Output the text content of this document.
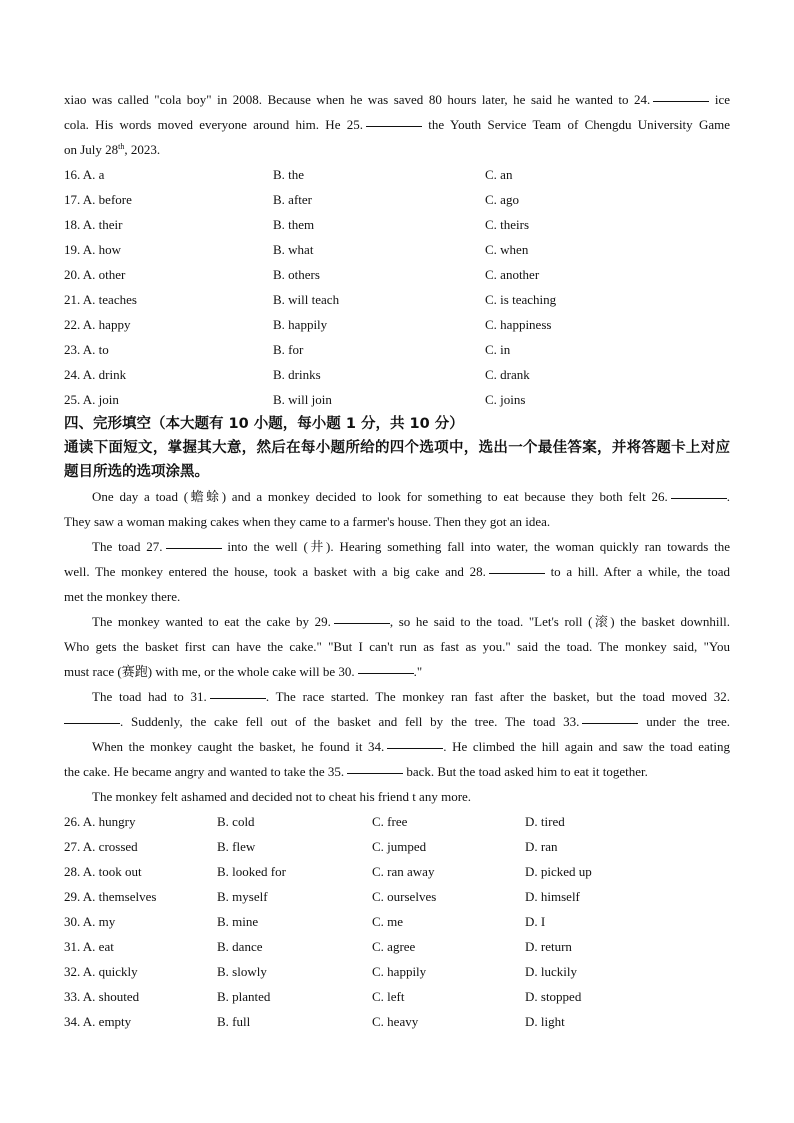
xiao was called "cola boy" in 2008. Because when he was saved 80 hours later, he said he wanted to 24.	ice
cola. His words moved everyone around him. He 25.	the Youth Service Team of Chengdu University Game
on July 28th, 2023.
16. A. a	B. the	C. an
17. A. before	B. after	C. ago
18. A. their	B. them	C. theirs
19. A. how	B. what	C. when
20. A. other	B. others	C. another
21. A. teaches	B. will teach	C. is teaching
22. A. happy	B. happily	C. happiness
23. A. to	B. for	C. in
24. A. drink	B. drinks	C. drank
25. A. join	B. will join	C. joins
四、完形填空（本大题有 10 小题，每小题 1 分，共 10 分）
通读下面短文，掌握其大意，然后在每小题所给的四个选项中，选出一个最佳答案，并将答题卡上对应题目所选的选项涂黑。
One day a toad (蟾蜍) and a monkey decided to look for something to eat because they both felt 26.	.
They saw a woman making cakes when they came to a farmer's house. Then they got an idea.
The toad 27.	into the well (井). Hearing something fall into water, the woman quickly ran towards the
well. The monkey entered the house, took a basket with a big cake and 28.	to a hill. After a while, the toad
met the monkey there.
The monkey wanted to eat the cake by 29.	, so he said to the toad. "Let's roll (滚) the basket downhill.
Who gets the basket first can have the cake." "But I can't run as fast as you." said the toad. The monkey said, "You
must race (赛跑) with me, or the whole cake will be 30.	."
The toad had to 31.	. The race started. The monkey ran fast after the basket, but the toad moved 32.
. Suddenly, the cake fell out of the basket and fell by the tree. The toad 33.	under the tree.
When the monkey caught the basket, he found it 34.	. He climbed the hill again and saw the toad eating
the cake. He became angry and wanted to take the 35.	back. But the toad asked him to eat it together.
The monkey felt ashamed and decided not to cheat his friend t any more.
26. A. hungry	B. cold	C. free	D. tired
27. A. crossed	B. flew	C. jumped	D. ran
28. A. took out	B. looked for	C. ran away	D. picked up
29. A. themselves	B. myself	C. ourselves	D. himself
30. A. my	B. mine	C. me	D. I
31. A. eat	B. dance	C. agree	D. return
32. A. quickly	B. slowly	C. happily	D. luckily
33. A. shouted	B. planted	C. left	D. stopped
34. A. empty	B. full	C. heavy	D. light
